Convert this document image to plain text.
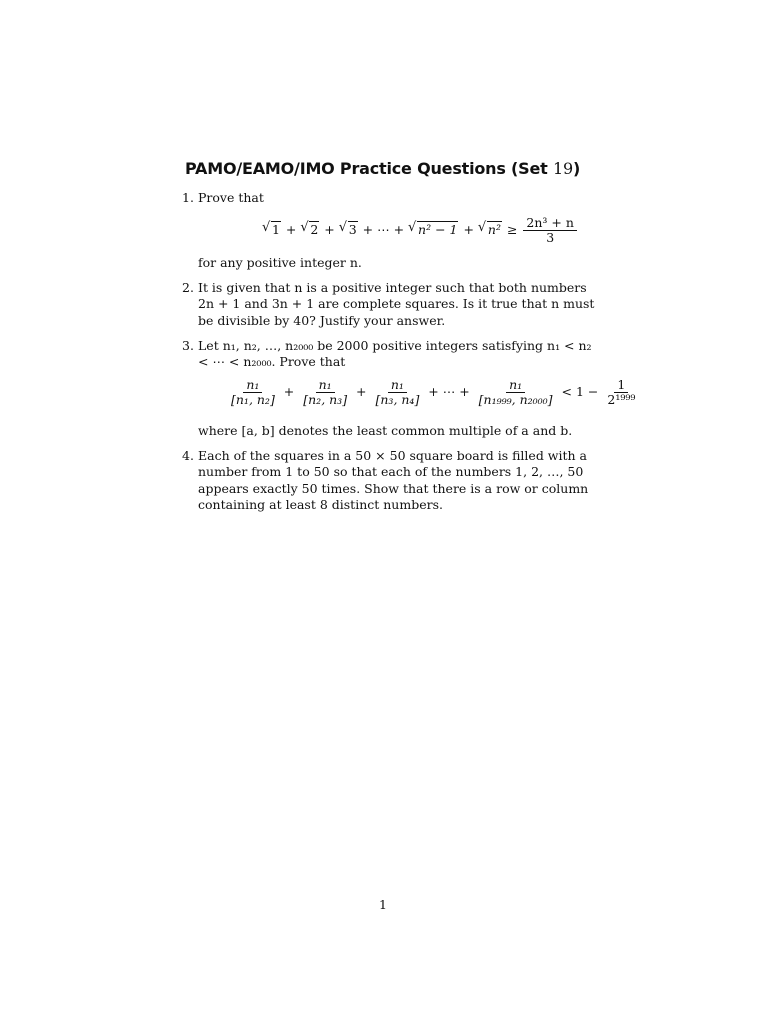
PAMO/EAMO/IMO Practice Questions (Set 19)
1. Prove that
√ 1 + √ 2 + √ 3 + ⋯ + √ n² − 1 + √ $n^2 \ge \frac{\text{2n³ + n}}{3}$
for any positive integer n.
2. It is given that n is a positive integer such that both numbers 2n + 1 and 3n + 1 are complete squares. Is it true that n must be divisible by 40? Justify your answer.
3. Let n₁, n₂, …, n₂₀₀₀ be 2000 positive integers satisfying n₁ < n₂ < ⋯ < n₂₀₀₀. Prove that
$\frac{\text{n₁}}{\text{[n₁, n₂]}} + \frac{\text{n₁}}{\text{[n₂, n₃]}} + \frac{\text{n₁}}{\text{[n₃, n₄]}}$ + ⋯ + $\frac{\text{n₁}}{\text{[n₁₉₉₉, n₂₀₀₀]}} < 1 - \frac{1}{\text{2¹⁹⁹⁹}}$
where [a, b] denotes the least common multiple of a and b.
4. Each of the squares in a 50 × 50 square board is filled with a number from 1 to 50 so that each of the numbers 1, 2, …, 50 appears exactly 50 times. Show that there is a row or column containing at least 8 distinct numbers.
1
